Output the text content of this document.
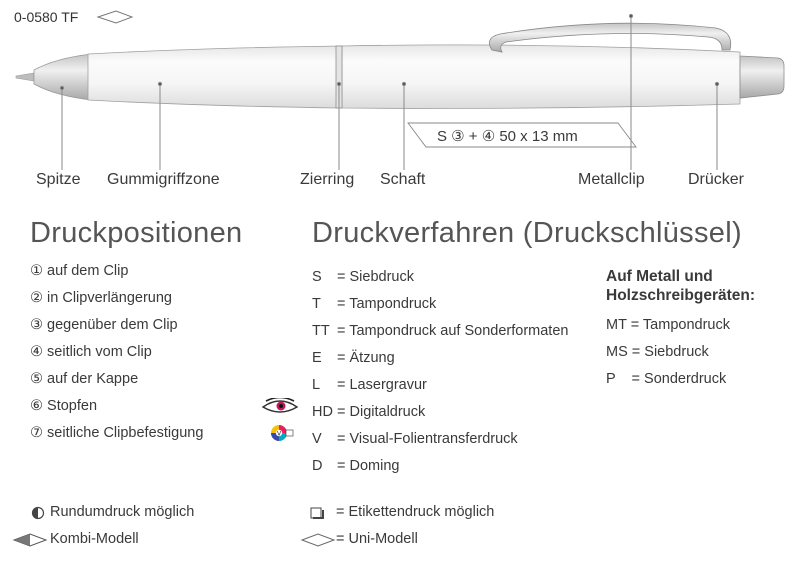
0-0580 TF
S ③ + ④ 50 x 13 mm
Spitze Gummigriffzone	Zierring Schaft	Metallclip	Drücker
Druckpositionen Druckverfahren (Druckschlüssel)
① auf dem Clip
② in Clipverlängerung
③ gegenüber dem Clip
④ seitlich vom Clip
⑤ auf der Kappe
⑥ Stopfen
⑦ seitliche Clipbefestigung	V
S	= Siebdruck
T	= Tampondruck
TT = Tampondruck auf Sonderformaten
E	= Ätzung
L	= Lasergravur
HD = Digitaldruck
V	= Visual-Folientransferdruck
D	= Doming
Auf Metall und
Holzschreibgeräten:
MT = Tampondruck
MS = Siebdruck
P    = Sonderdruck
Rundumdruck möglich
Kombi-Modell
= Etikettendruck möglich
= Uni-Modell
